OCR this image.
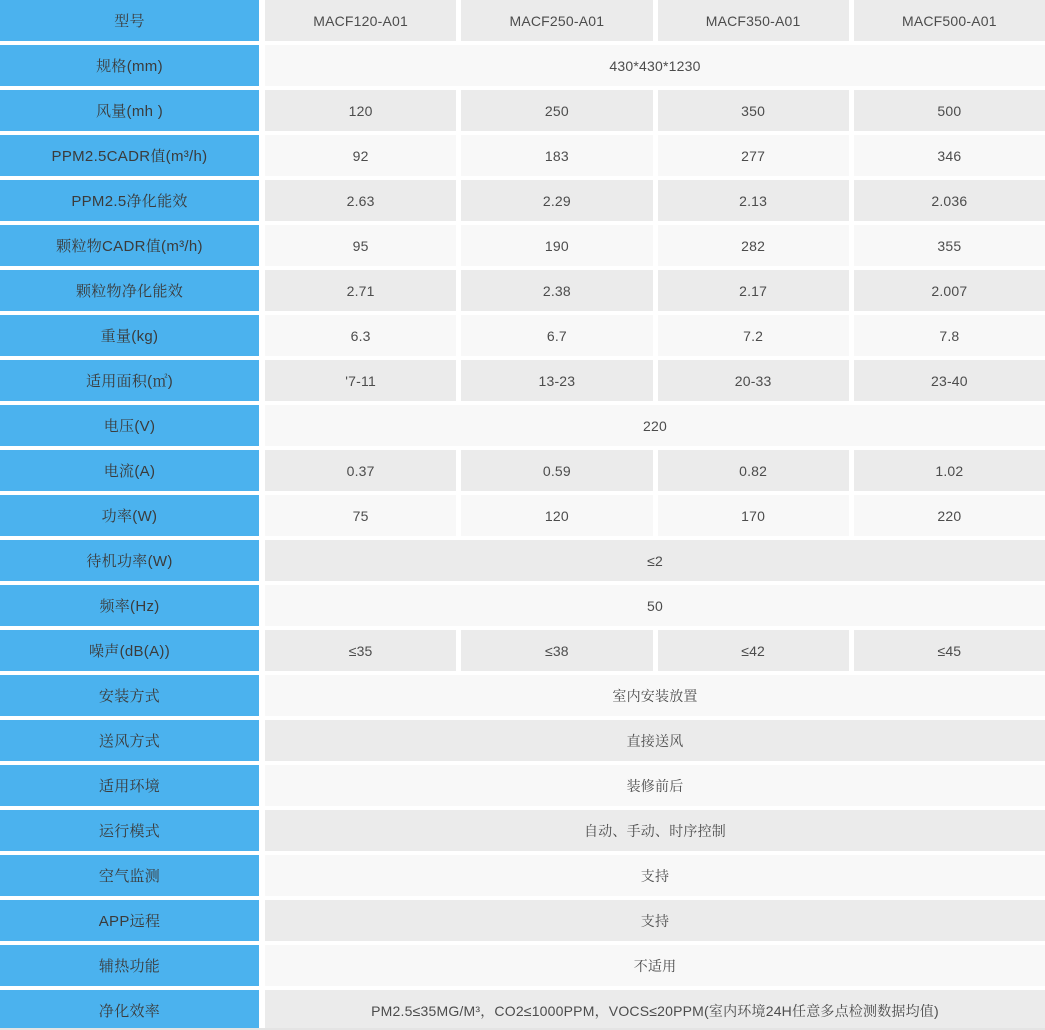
型号	MACF120-A01	MACF250-A01	MACF350-A01	MACF500-A01
规格(mm)	430*430*1230
风量(mh )	120	250	350	500
PPM2.5CADR值(m³/h)	92	183	277	346
PPM2.5净化能效	2.63	2.29	2.13	2.036
颗粒物CADR值(m³/h)	95	190	282	355
颗粒物净化能效	2.71	2.38	2.17	2.007
重量(kg)	6.3	6.7	7.2	7.8
适用面积(㎡)	'7-11	13-23	20-33	23-40
电压(V)	220
电流(A)	0.37	0.59	0.82	1.02
功率(W)	75	120	170	220
待机功率(W)	≤2
频率(Hz)	50
噪声(dB(A))	≤35	≤38	≤42	≤45
安装方式	室内安装放置
送风方式	直接送风
适用环境	装修前后
运行模式	自动、手动、时序控制
空气监测	支持
APP远程	支持
辅热功能	不适用
净化效率	PM2.5≤35MG/M³，CO2≤1000PPM，VOCS≤20PPM(室内环境24H任意多点检测数据均值)
